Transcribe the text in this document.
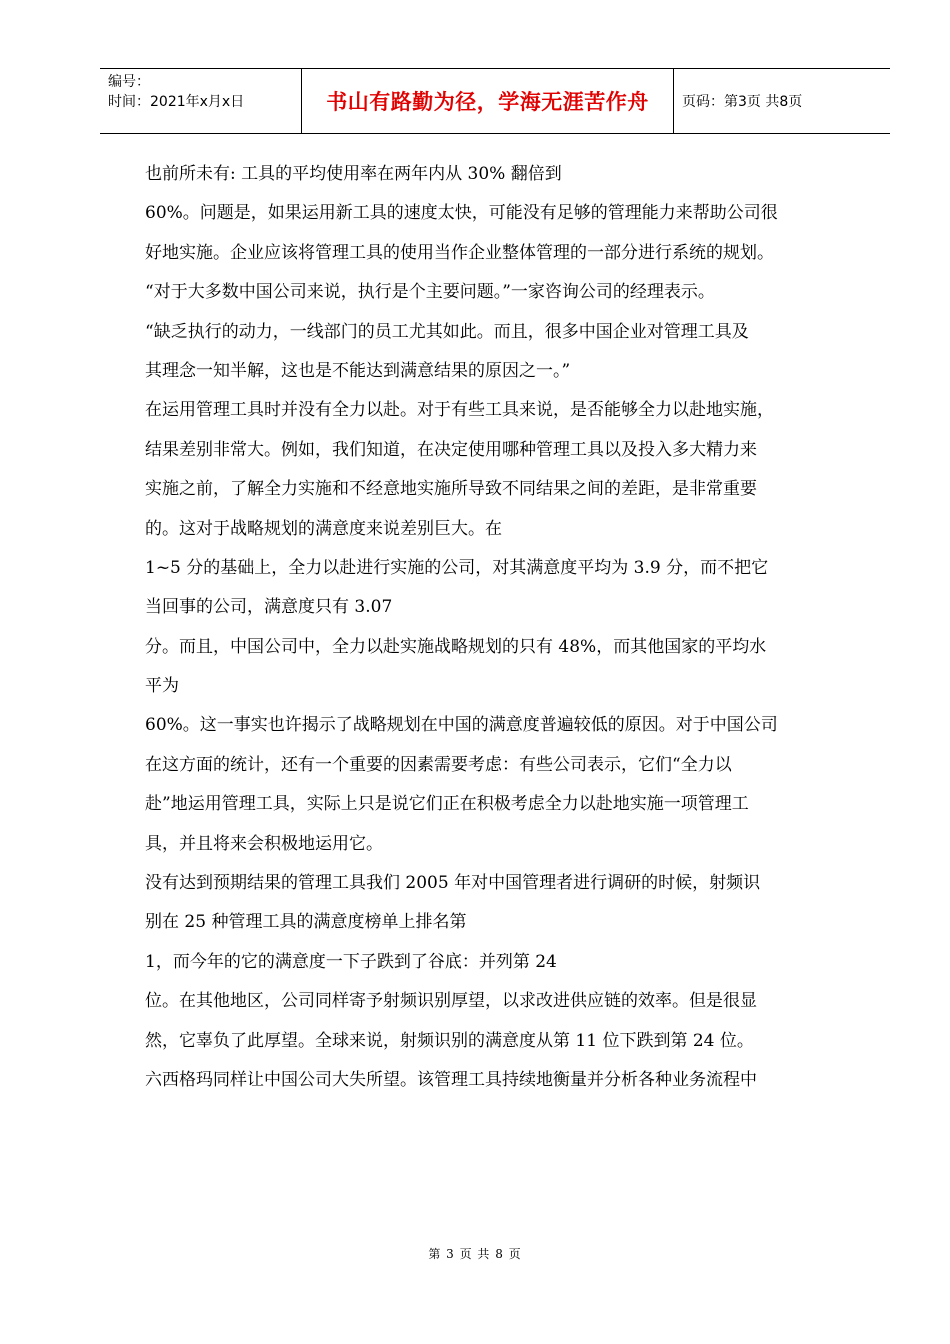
编号：
时间：2021年x月x日	书山有路勤为径，学海无涯苦作舟 页码：第3页 共8页
也前所未有: 工具的平均使用率在两年内从 30% 翻倍到
60%。问题是，如果运用新工具的速度太快，可能没有足够的管理能力来帮助公司很
好地实施。企业应该将管理工具的使用当作企业整体管理的一部分进行系统的规划。
“对于大多数中国公司来说，执行是个主要问题。”一家咨询公司的经理表示。
“缺乏执行的动力，一线部门的员工尤其如此。而且，很多中国企业对管理工具及
其理念一知半解，这也是不能达到满意结果的原因之一。”
在运用管理工具时并没有全力以赴。对于有些工具来说，是否能够全力以赴地实施，
结果差别非常大。例如，我们知道，在决定使用哪种管理工具以及投入多大精力来
实施之前，了解全力实施和不经意地实施所导致不同结果之间的差距，是非常重要
的。这对于战略规划的满意度来说差别巨大。在
1~5 分的基础上，全力以赴进行实施的公司，对其满意度平均为 3.9 分，而不把它
当回事的公司，满意度只有 3.07
分。而且，中国公司中，全力以赴实施战略规划的只有 48%，而其他国家的平均水
平为
60%。这一事实也许揭示了战略规划在中国的满意度普遍较低的原因。对于中国公司
在这方面的统计，还有一个重要的因素需要考虑：有些公司表示，它们“全力以
赴”地运用管理工具，实际上只是说它们正在积极考虑全力以赴地实施一项管理工
具，并且将来会积极地运用它。
没有达到预期结果的管理工具我们 2005 年对中国管理者进行调研的时候，射频识
别在 25 种管理工具的满意度榜单上排名第
1，而今年的它的满意度一下子跌到了谷底：并列第 24
位。在其他地区，公司同样寄予射频识别厚望，以求改进供应链的效率。但是很显
然，它辜负了此厚望。全球来说，射频识别的满意度从第 11 位下跌到第 24 位。
六西格玛同样让中国公司大失所望。该管理工具持续地衡量并分析各种业务流程中
第 3 页 共 8 页
